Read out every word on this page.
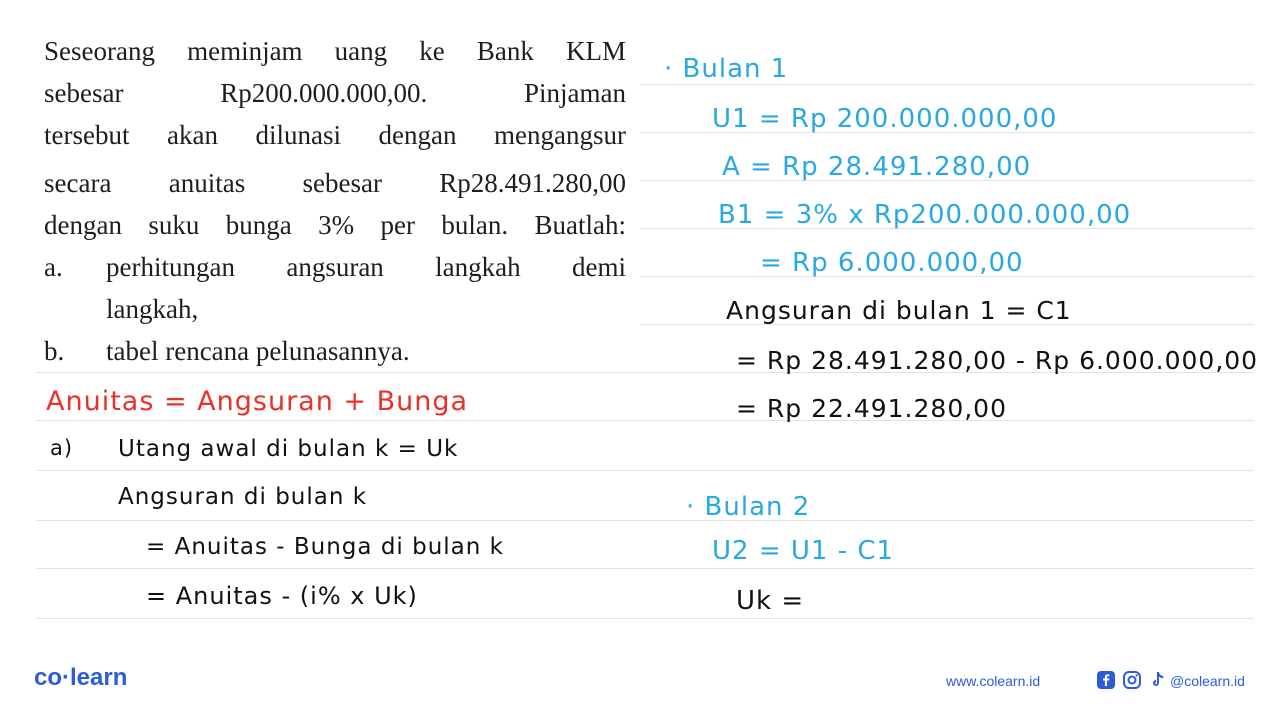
Seseorang meminjam uang ke Bank KLM
sebesar Rp200.000.000,00. Pinjaman
tersebut akan dilunasi dengan mengangsur
secara anuitas sebesar Rp28.491.280,00
dengan suku bunga 3% per bulan. Buatlah:
a.	perhitungan angsuran langkah demi
langkah,
b.	tabel rencana pelunasannya.
Anuitas = Angsuran + Bunga
a) Utang awal di bulan k = Uk
Angsuran di bulan k
= Anuitas - Bunga di bulan k
= Anuitas - (i% x Uk)
· Bulan 1
U1 = Rp 200.000.000,00
A = Rp 28.491.280,00
B1 = 3% x Rp200.000.000,00
= Rp 6.000.000,00
Angsuran di bulan 1 = C1
= Rp 28.491.280,00 - Rp 6.000.000,00
= Rp 22.491.280,00
· Bulan 2
U2 = U1 - C1
Uk =
co·learn	www.colearn.id	@colearn.id
